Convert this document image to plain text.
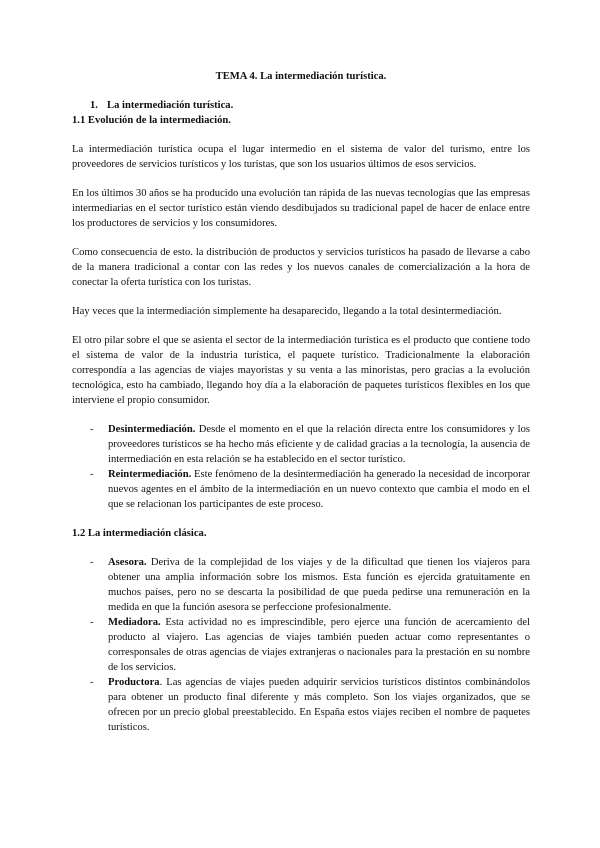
TEMA 4. La intermediación turística.
1. La intermediación turística.
1.1 Evolución de la intermediación.

La intermediación turística ocupa el lugar intermedio en el sistema de valor del turismo, entre los proveedores de servicios turísticos y los turistas, que son los usuarios últimos de esos servicios.

En los últimos 30 años se ha producido una evolución tan rápida de las nuevas tecnologías que las empresas intermediarias en el sector turístico están viendo desdibujados su tradicional papel de hacer de enlace entre los productores de servicios y los consumidores.

Como consecuencia de esto. la distribución de productos y servicios turísticos ha pasado de llevarse a cabo de la manera tradicional a contar con las redes y los nuevos canales de comercialización a la hora de conectar la oferta turística con los turistas.

Hay veces que la intermediación simplemente ha desaparecido, llegando a la total desintermediación.

El otro pilar sobre el que se asienta el sector de la intermediación turística es el producto que contiene todo el sistema de valor de la industria turística, el paquete turístico. Tradicionalmente la elaboración correspondía a las agencias de viajes mayoristas y su venta a las minoristas, pero gracias a la evolución tecnológica, esto ha cambiado, llegando hoy día a la elaboración de paquetes turísticos flexibles en los que interviene el propio consumidor.

- Desintermediación. Desde el momento en el que la relación directa entre los consumidores y los proveedores turísticos se ha hecho más eficiente y de calidad gracias a la tecnología, la ausencia de intermediación en esta relación se ha establecido en el sector turístico.
- Reintermediación. Este fenómeno de la desintermediación ha generado la necesidad de incorporar nuevos agentes en el ámbito de la intermediación en un nuevo contexto que cambia el modo en el que se relacionan los participantes de este proceso.
1.2 La intermediación clásica.
- Asesora. Deriva de la complejidad de los viajes y de la dificultad que tienen los viajeros para obtener una amplia información sobre los mismos. Esta función es ejercida gratuitamente en muchos países, pero no se descarta la posibilidad de que pueda pedirse una remuneración en la medida en que la función asesora se perfeccione profesionalmente.
- Mediadora. Esta actividad no es imprescindible, pero ejerce una función de acercamiento del producto al viajero. Las agencias de viajes también pueden actuar como representantes o corresponsales de otras agencias de viajes extranjeras o nacionales para la prestación en su nombre de los servicios.
- Productora. Las agencias de viajes pueden adquirir servicios turísticos distintos combinándolos para obtener un producto final diferente y más completo. Son los viajes organizados, que se ofrecen por un precio global preestablecido. En España estos viajes reciben el nombre de paquetes turísticos.
